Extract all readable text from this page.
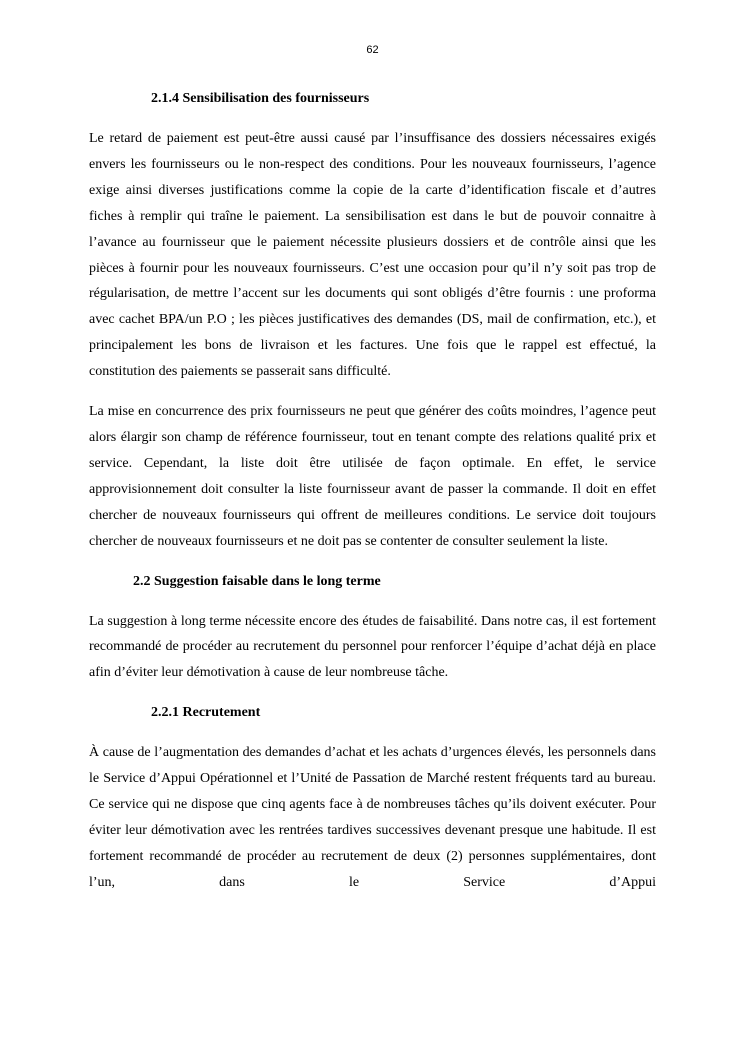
62
2.1.4 Sensibilisation des fournisseurs

Le retard de paiement est peut-être aussi causé par l’insuffisance des dossiers nécessaires exigés envers les fournisseurs ou le non-respect des conditions. Pour les nouveaux fournisseurs, l’agence exige ainsi diverses justifications comme la copie de la carte d’identification fiscale et d’autres fiches à remplir qui traîne le paiement. La sensibilisation est dans le but de pouvoir connaitre à l’avance au fournisseur que le paiement nécessite plusieurs dossiers et de contrôle ainsi que les pièces à fournir pour les nouveaux fournisseurs. C’est une occasion pour qu’il n’y soit pas trop de régularisation, de mettre l’accent sur les documents qui sont obligés d’être fournis : une proforma avec cachet BPA/un P.O ; les pièces justificatives des demandes (DS, mail de confirmation, etc.), et principalement les bons de livraison et les factures. Une fois que le rappel est effectué, la constitution des paiements se passerait sans difficulté.

La mise en concurrence des prix fournisseurs ne peut que générer des coûts moindres, l’agence peut alors élargir son champ de référence fournisseur, tout en tenant compte des relations qualité prix et service. Cependant, la liste doit être utilisée de façon optimale. En effet, le service approvisionnement doit consulter la liste fournisseur avant de passer la commande. Il doit en effet chercher de nouveaux fournisseurs qui offrent de meilleures conditions. Le service doit toujours chercher de nouveaux fournisseurs et ne doit pas se contenter de consulter seulement la liste.

2.2 Suggestion faisable dans le long terme

La suggestion à long terme nécessite encore des études de faisabilité. Dans notre cas, il est fortement recommandé de procéder au recrutement du personnel pour renforcer l’équipe d’achat déjà en place afin d’éviter leur démotivation à cause de leur nombreuse tâche.

2.2.1 Recrutement

À cause de l’augmentation des demandes d’achat et les achats d’urgences élevés, les personnels dans le Service d’Appui Opérationnel et l’Unité de Passation de Marché restent fréquents tard au bureau. Ce service qui ne dispose que cinq agents face à de nombreuses tâches qu’ils doivent exécuter. Pour éviter leur démotivation avec les rentrées tardives successives devenant presque une habitude. Il est fortement recommandé de procéder au recrutement de deux (2) personnes supplémentaires, dont l’un, dans le Service d’Appui
